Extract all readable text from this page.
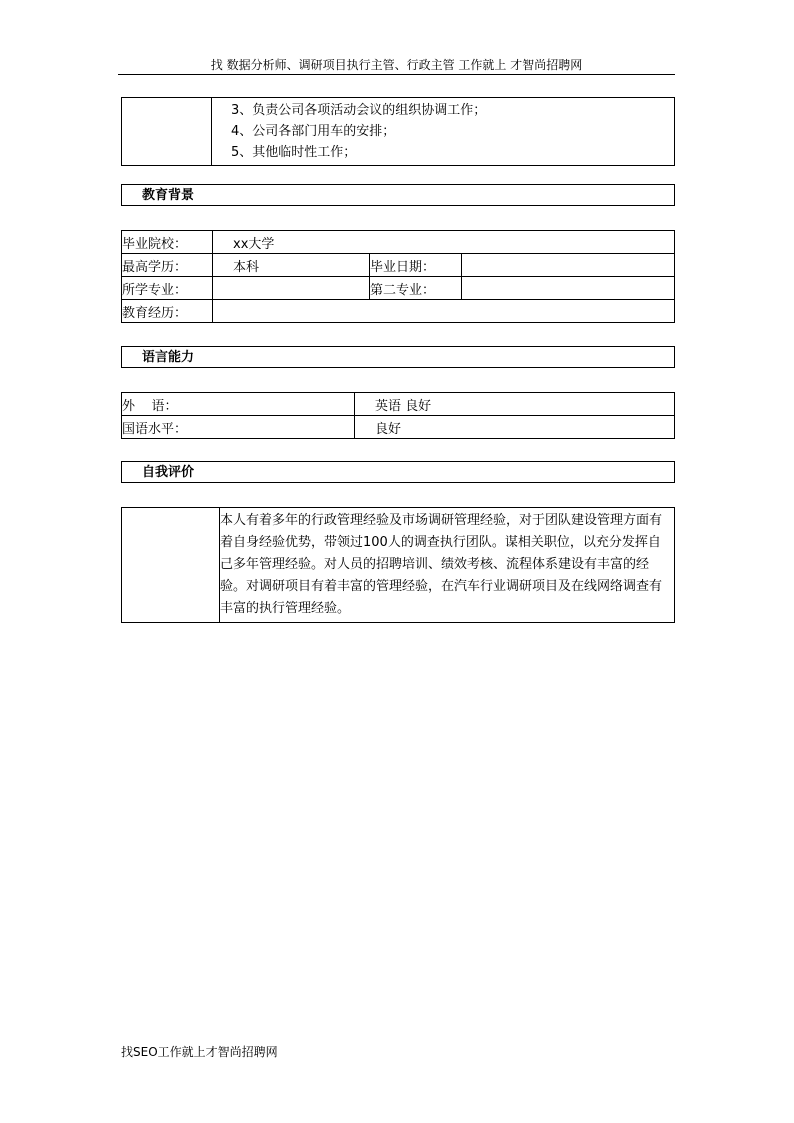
找 数据分析师、调研项目执行主管、行政主管 工作就上 才智尚招聘网

3、负责公司各项活动会议的组织协调工作；
4、公司各部门用车的安排；
5、其他临时性工作；
教育背景
毕业院校：	xx大学		
最高学历：	本科	毕业日期：	
所学专业：		第二专业：	
教育经历：			
语言能力
外    语：	英语 良好
国语水平：	良好
自我评价
	本人有着多年的行政管理经验及市场调研管理经验，对于团队建设管理方面有着自身经验优势，带领过100人的调查执行团队。谋相关职位，以充分发挥自己多年管理经验。对人员的招聘培训、绩效考核、流程体系建设有丰富的经验。对调研项目有着丰富的管理经验，在汽车行业调研项目及在线网络调查有丰富的执行管理经验。
找SEO工作就上才智尚招聘网
